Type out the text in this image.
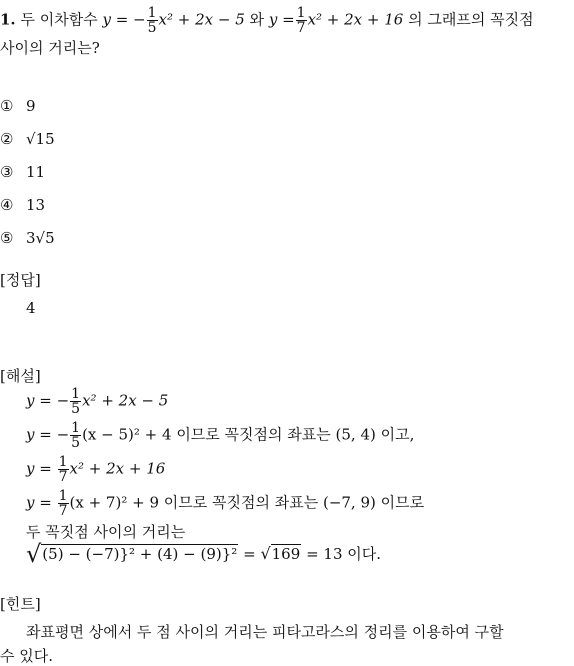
1. 두 이차함수 y = − $\frac{1}{5} x^2 + 2x - 5$ 와 $y = \frac{1}{7} x^2 + 2x + 16$ 의 그래프의 꼭짓점
사이의 거리는?
① 9
② √15
③ 11
④ 13
⑤ 3√5
[정답]
4
[해설]
y = − $\frac{1}{5} x^2 + 2x - 5$
y = − $\frac{1}{5} (x - 5)^2 + 4$ 이므로 꼭짓점의 좌표는 (5, 4) 이고,
$y = \frac{1}{7} x^2 + 2x + 16$
$y = \frac{1}{7} (x + 7)^2 + 9$ 이므로 꼭짓점의 좌표는 (−7, 9) 이므로
두 꼭짓점 사이의 거리는
√(5) − (−7)}² + (4) − (9)}² = √169 = 13 이다.
[힌트]
좌표평면 상에서 두 점 사이의 거리는 피타고라스의 정리를 이용하여 구할
수 있다.
